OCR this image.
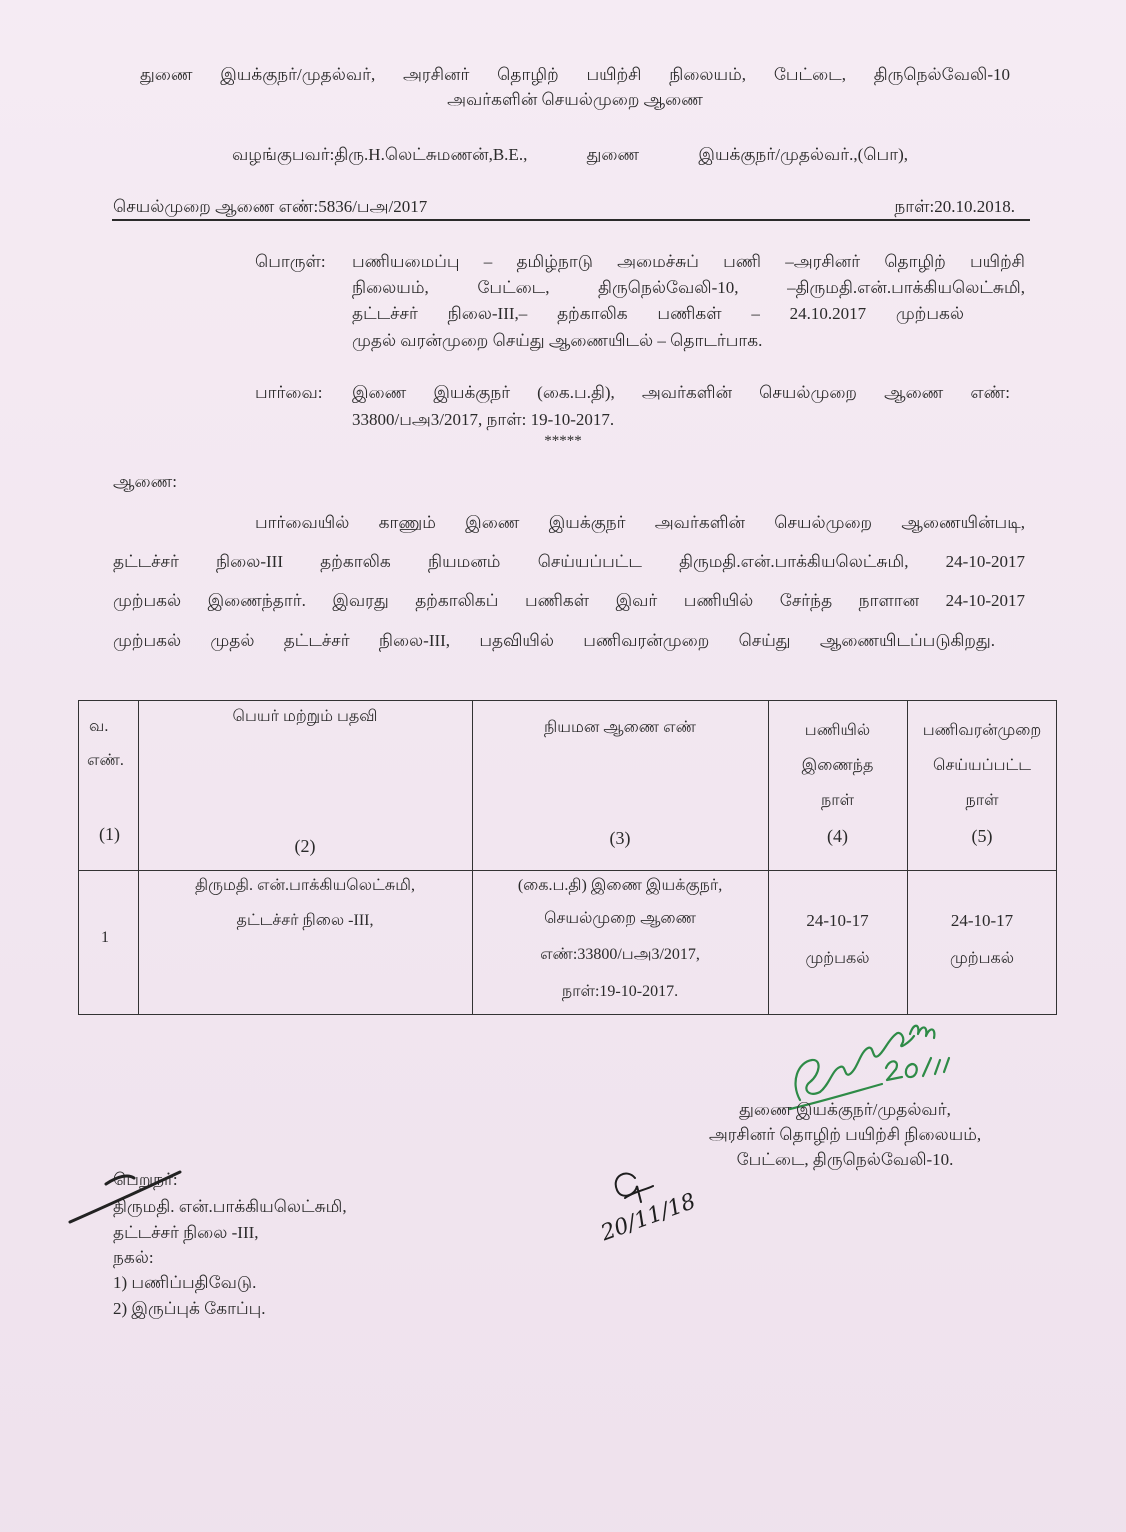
துணை இயக்குநர்/முதல்வர், அரசினர் தொழிற் பயிற்சி நிலையம், பேட்டை, திருநெல்வேலி-10
அவர்களின் செயல்முறை ஆணை
வழங்குபவர்:திரு.H.லெட்சுமணன்,B.E., துணை இயக்குநர்/முதல்வர்.,(பொ),
செயல்முறை ஆணை எண்:5836/பஅ/2017	நாள்:20.10.2018.
பொருள்: பணியமைப்பு – தமிழ்நாடு அமைச்சுப் பணி –அரசினர் தொழிற் பயிற்சி
நிலையம், பேட்டை, திருநெல்வேலி-10, –திருமதி.என்.பாக்கியலெட்சுமி,
தட்டச்சர் நிலை-III,– தற்காலிக பணிகள் – 24.10.2017 முற்பகல்
முதல் வரன்முறை செய்து ஆணையிடல் – தொடர்பாக.
பார்வை: இணை இயக்குநர் (கை.ப.தி), அவர்களின் செயல்முறை ஆணை எண்:
33800/பஅ3/2017, நாள்: 19-10-2017.
*****
ஆணை:
பார்வையில் காணும் இணை இயக்குநர் அவர்களின் செயல்முறை ஆணையின்படி,
தட்டச்சர் நிலை-III தற்காலிக நியமனம் செய்யப்பட்ட திருமதி.என்.பாக்கியலெட்சுமி, 24-10-2017
முற்பகல் இணைந்தார். இவரது தற்காலிகப் பணிகள் இவர் பணியில் சேர்ந்த நாளான 24-10-2017
முற்பகல் முதல் தட்டச்சர் நிலை-III, பதவியில் பணிவரன்முறை செய்து ஆணையிடப்படுகிறது.
வ.
எண்.
(1)
1
பெயர் மற்றும் பதவி
(2)
திருமதி. என்.பாக்கியலெட்சுமி,
தட்டச்சர் நிலை -III,
நியமன ஆணை எண்
(3)
(கை.ப.தி) இணை இயக்குநர்,
செயல்முறை ஆணை
எண்:33800/பஅ3/2017,
நாள்:19-10-2017.
பணியில்
இணைந்த
நாள்
(4)
24-10-17
முற்பகல்
பணிவரன்முறை
செய்யப்பட்ட
நாள்
(5)
24-10-17
முற்பகல்
துணை இயக்குநர்/முதல்வர்,
அரசினர் தொழிற் பயிற்சி நிலையம்,
பேட்டை, திருநெல்வேலி-10.
20/11/18
பெறுநர்:
திருமதி. என்.பாக்கியலெட்சுமி,
தட்டச்சர் நிலை -III,
நகல்:
1) பணிப்பதிவேடு.
2) இருப்புக் கோப்பு.
